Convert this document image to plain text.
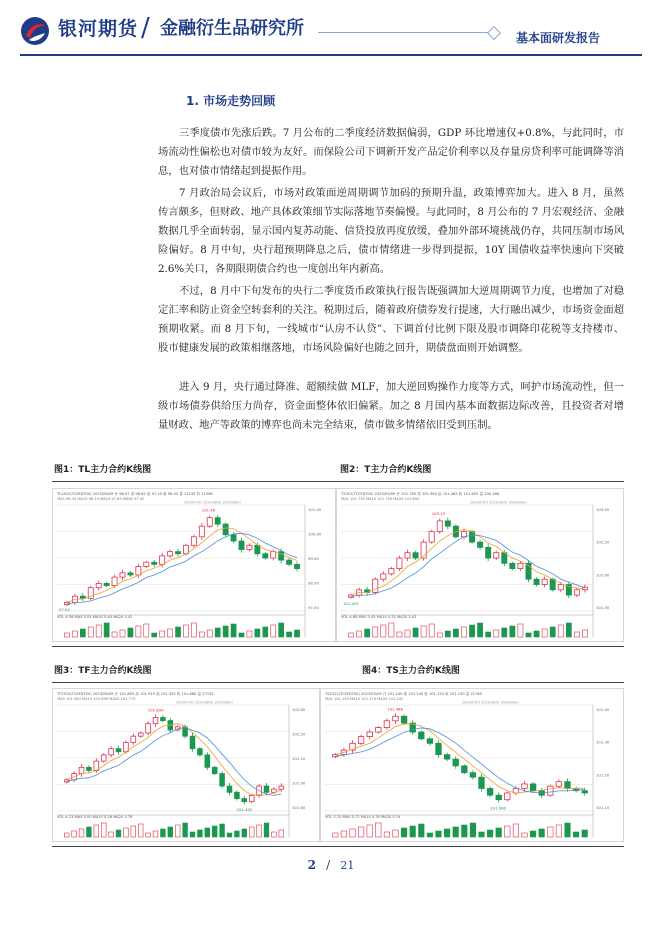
银河期货 / 金融衍生品研究所	基本面研发报告
1. 市场走势回顾

三季度债市先涨后跌。7 月公布的二季度经济数据偏弱，GDP 环比增速仅+0.8%，与此同时，市场流动性偏松也对债市较为友好。而保险公司下调新开发产品定价利率以及存量房贷利率可能调降等消息，也对债市情绪起到提振作用。

7 月政治局会议后，市场对政策面逆周期调节加码的预期升温，政策博弈加大。进入 8 月，虽然传言颇多，但财政、地产具体政策细节实际落地节奏偏慢。与此同时，8 月公布的 7 月宏观经济、金融数据几乎全面转弱，显示国内复苏动能、信贷投放再度放缓，叠加外部环境挑战仍存，共同压制市场风险偏好。8 月中旬，央行超预期降息之后，债市情绪进一步得到提振，10Y 国债收益率快速向下突破 2.6%关口，各期限期债合约也一度创出年内新高。

不过，8 月中下旬发布的央行二季度货币政策执行报告既强调加大逆周期调节力度，也增加了对稳定汇率和防止资金空转套利的关注。税期过后，随着政府债券发行提速，大行融出减少，市场资金面超预期收紧。而 8 月下旬，一线城市“认房不认贷”、下调首付比例下限及股市调降印花税等支持楼市、股市健康发展的政策相继落地，市场风险偏好也随之回升，期债盘面则开始调整。

进入 9 月，央行通过降准、超额续做 MLF，加大逆回购操作力度等方式，呵护市场流动性，但一级市场债券供给压力尚存，资金面整体依旧偏紧。加之 8 月国内基本面数据边际改善，且投资者对增量财政、地产等政策的博弈也尚未完全结束，债市做多情绪依旧受到压制。

图1：TL主力合约K线图	图2：T主力合约K线图
TL2312(TC0FDT00) 2023/06/09 开 98.07 高 98.62 低 97.10 收 98.44 量 12135 持 21596
MA5 98.34 MA10 98.15 MA20 97.83 MA60 97.40
2023/07/01 2023/08/01 2023/09/01
101.00
100.00
99.00
98.00
97.00
101.46
97.04
VOL 4.58 MA5 5.05 MA10 5.44 MA20 5.42
T2312(TC0FDT00) 2023/05/09 开 101.785 高 101.960 低 101.465 收 101.605 量 100.186
MA5 101.735 MA10 101.750 MA20 101.650
2023/07/01 2023/08/01 2023/09/01
103.00
102.50
102.00
101.50
103.15
101.455
VOL 4.88 MA5 5.05 MA10 5.52 MA20 5.42
图3：TF主力合约K线图	图4：TS主力合约K线图
TF2312(TC0FDT00) 2023/06/09 开 101.893 高 101.915 低 101.355 收 101.660 量 27132
MA5 101.583 MA10 101.650 MA20 101.770
2023/07/01 2023/08/01 2023/09/01
102.80
102.50
102.20
101.90
101.60
102.890
101.400
VOL 4.23 MA5 5.00 MA10 5.28 MA20 5.78
TS2312(TC0FDT00) 2023/05/09 开 101.140 高 101.145 低 101.120 收 101.130 量 21769
MA5 101.155 MA10 101.174 MA20 101.242
2023/07/01 2023/08/01 2023/09/01
101.40
101.30
101.20
101.10
101.486
101.080
VOL 5.70 MA5 5.72 MA10 5.35 MA20 5.74
2 / 21
